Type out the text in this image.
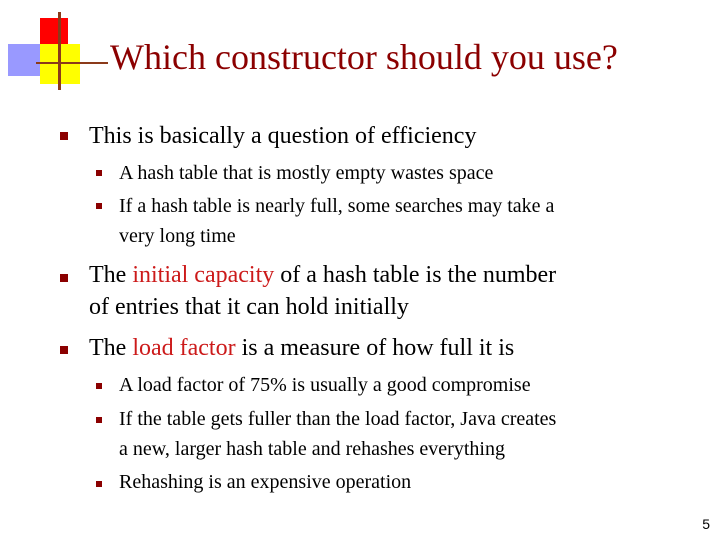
Which constructor should you use?
This is basically a question of efficiency
A hash table that is mostly empty wastes space
If a hash table is nearly full, some searches may take a
very long time
The initial capacity of a hash table is the number
of entries that it can hold initially
The load factor is a measure of how full it is
A load factor of 75% is usually a good compromise
If the table gets fuller than the load factor, Java creates
a new, larger hash table and rehashes everything
Rehashing is an expensive operation
5
